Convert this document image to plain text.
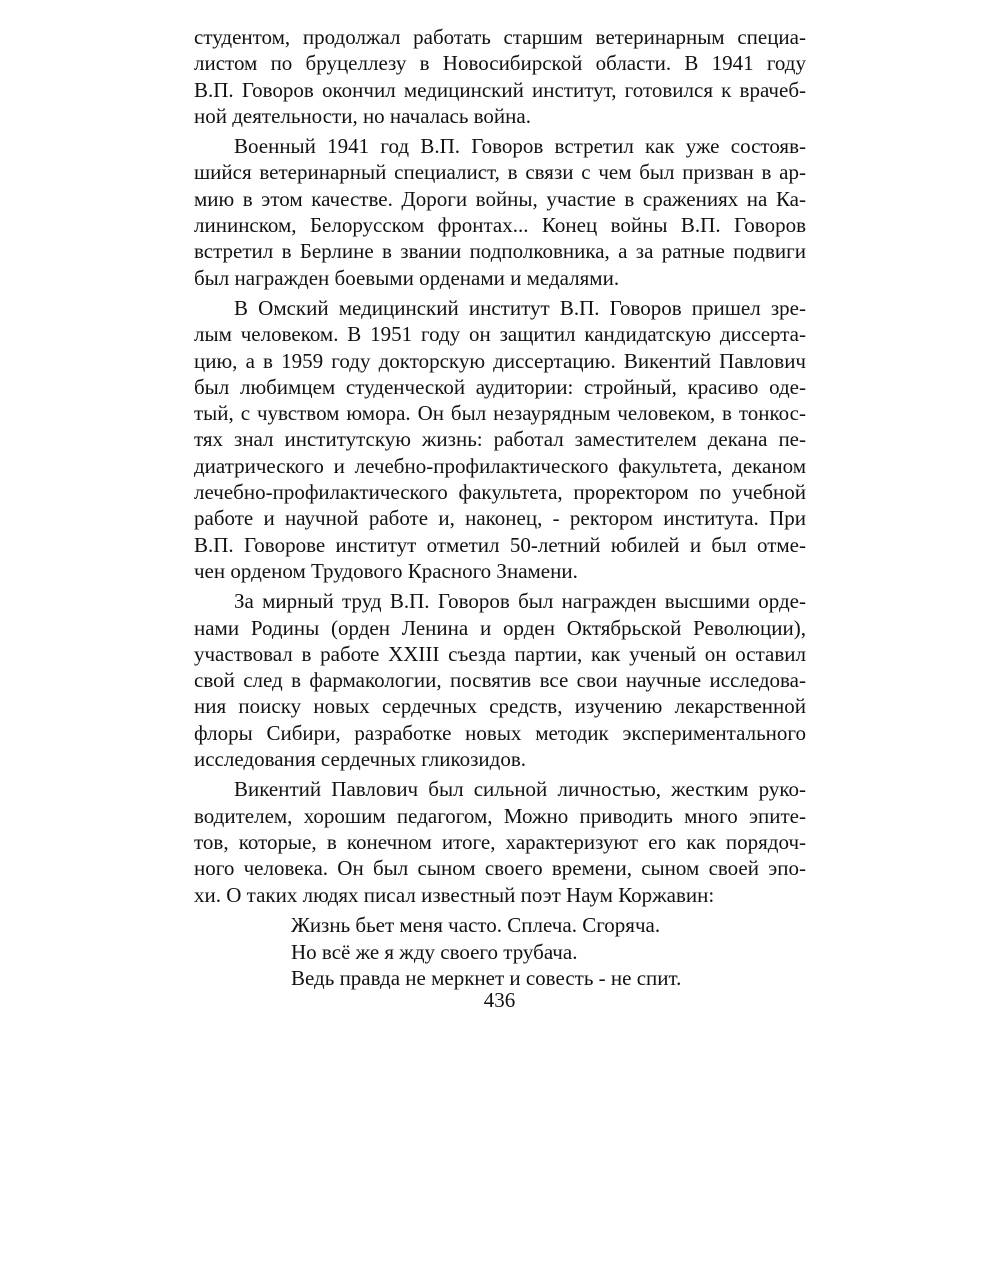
студентом, продолжал работать старшим ветеринарным специа-
листом по бруцеллезу в Новосибирской области. В 1941 году
В.П. Говоров окончил медицинский институт, готовился к врачеб-
ной деятельности, но началась война.
Военный 1941 год В.П. Говоров встретил как уже состояв-
шийся ветеринарный специалист, в связи с чем был призван в ар-
мию в этом качестве. Дороги войны, участие в сражениях на Ка-
лининском, Белорусском фронтах... Конец войны В.П. Говоров
встретил в Берлине в звании подполковника, а за ратные подвиги
был награжден боевыми орденами и медалями.
В Омский медицинский институт В.П. Говоров пришел зре-
лым человеком. В 1951 году он защитил кандидатскую диссерта-
цию, а в 1959 году докторскую диссертацию. Викентий Павлович
был любимцем студенческой аудитории: стройный, красиво оде-
тый, с чувством юмора. Он был незаурядным человеком, в тонкос-
тях знал институтскую жизнь: работал заместителем декана пе-
диатрического и лечебно-профилактического факультета, деканом
лечебно-профилактического факультета, проректором по учебной
работе и научной работе и, наконец, - ректором института. При
В.П. Говорове институт отметил 50-летний юбилей и был отме-
чен орденом Трудового Красного Знамени.
За мирный труд В.П. Говоров был награжден высшими орде-
нами Родины (орден Ленина и орден Октябрьской Революции),
участвовал в работе XXIII съезда партии, как ученый он оставил
свой след в фармакологии, посвятив все свои научные исследова-
ния поиску новых сердечных средств, изучению лекарственной
флоры Сибири, разработке новых методик экспериментального
исследования сердечных гликозидов.
Викентий Павлович был сильной личностью, жестким руко-
водителем, хорошим педагогом, Можно приводить много эпите-
тов, которые, в конечном итоге, характеризуют его как порядоч-
ного человека. Он был сыном своего времени, сыном своей эпо-
хи. О таких людях писал известный поэт Наум Коржавин:
Жизнь бьет меня часто. Сплеча. Сгоряча.
Но всё же я жду своего трубача.
Ведь правда не меркнет и совесть - не спит.
436
